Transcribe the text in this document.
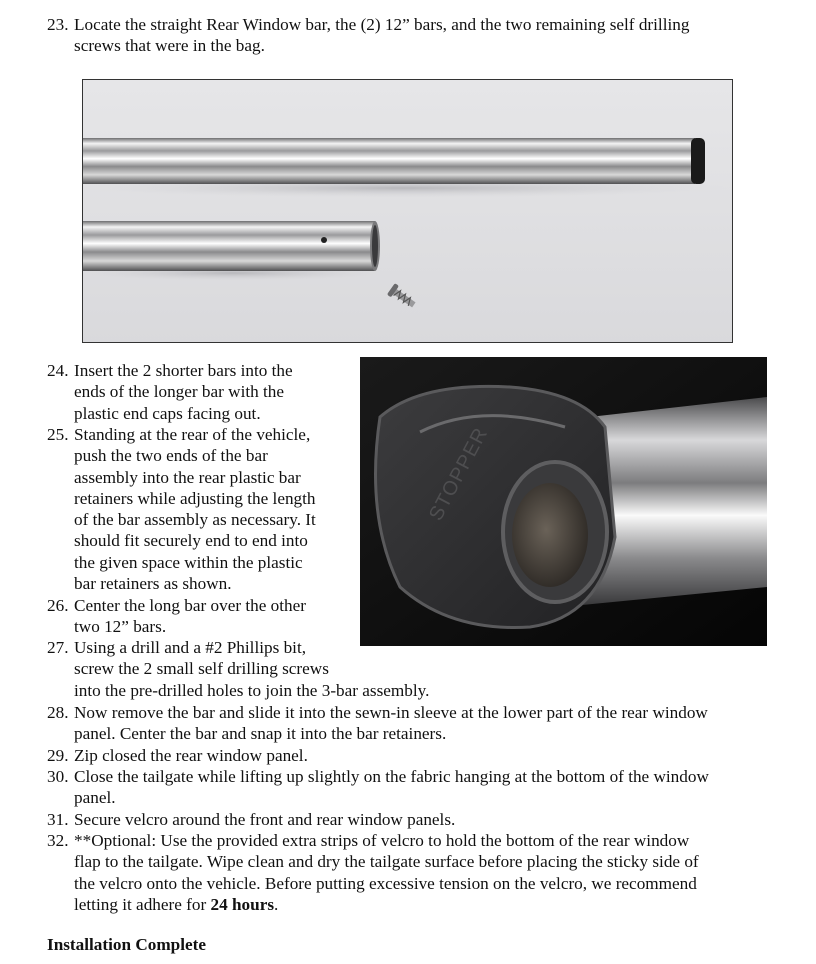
23. Locate the straight Rear Window bar, the (2) 12” bars, and the two remaining self drilling
screws that were in the bag.
STOPPER
24. Insert the 2 shorter bars into the
ends of the longer bar with the
plastic end caps facing out.
25. Standing at the rear of the vehicle,
push the two ends of the bar
assembly into the rear plastic bar
retainers while adjusting the length
of the bar assembly as necessary. It
should fit securely end to end into
the given space within the plastic
bar retainers as shown.
26. Center the long bar over the other
two 12” bars.
27. Using a drill and a #2 Phillips bit,
screw the 2 small self drilling screws
into the pre-drilled holes to join the 3-bar assembly.
28. Now remove the bar and slide it into the sewn-in sleeve at the lower part of the rear window
panel. Center the bar and snap it into the bar retainers.
29. Zip closed the rear window panel.
30. Close the tailgate while lifting up slightly on the fabric hanging at the bottom of the window
panel.
31. Secure velcro around the front and rear window panels.
32. **Optional: Use the provided extra strips of velcro to hold the bottom of the rear window
flap to the tailgate. Wipe clean and dry the tailgate surface before placing the sticky side of
the velcro onto the vehicle. Before putting excessive tension on the velcro, we recommend
letting it adhere for 24 hours.
Installation Complete
